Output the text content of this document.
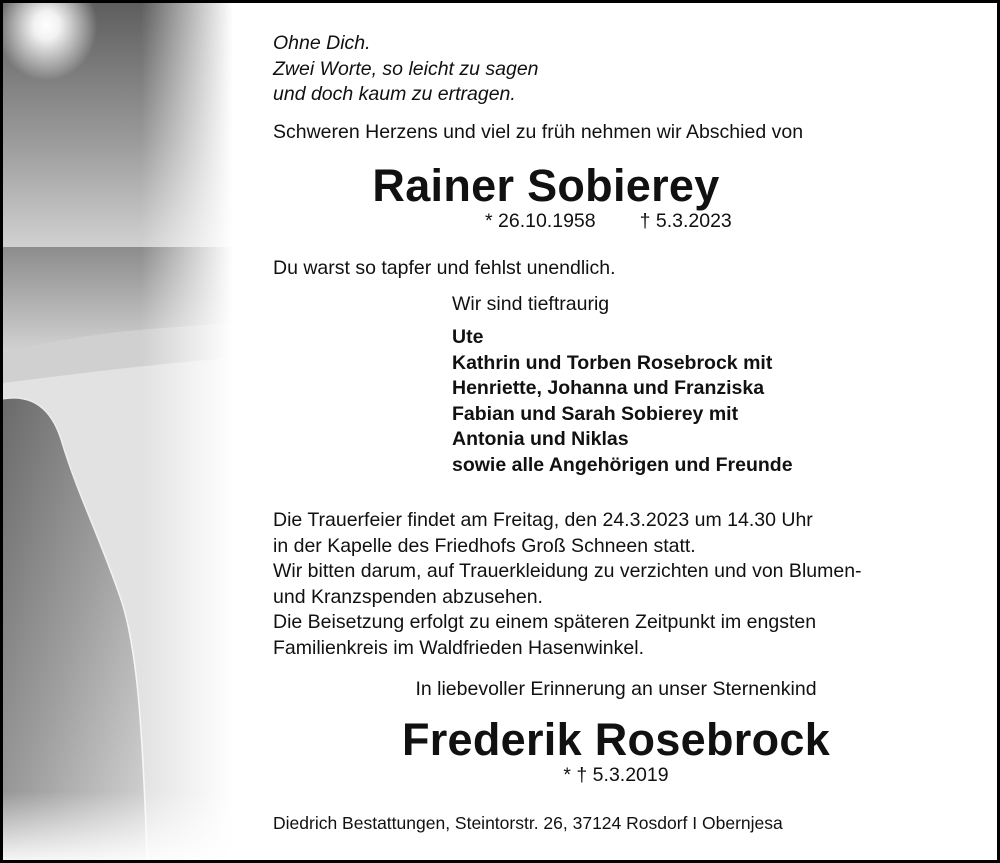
Ohne Dich.
Zwei Worte, so leicht zu sagen
und doch kaum zu ertragen.
Schweren Herzens und viel zu früh nehmen wir Abschied von
Rainer Sobierey
* 26.10.1958 † 5.3.2023
Du warst so tapfer und fehlst unendlich.
Wir sind tieftraurig
Ute
Kathrin und Torben Rosebrock mit
Henriette, Johanna und Franziska
Fabian und Sarah Sobierey mit
Antonia und Niklas
sowie alle Angehörigen und Freunde
Die Trauerfeier findet am Freitag, den 24.3.2023 um 14.30 Uhr
in der Kapelle des Friedhofs Groß Schneen statt.
Wir bitten darum, auf Trauerkleidung zu verzichten und von Blumen-
und Kranzspenden abzusehen.
Die Beisetzung erfolgt zu einem späteren Zeitpunkt im engsten
Familienkreis im Waldfrieden Hasenwinkel.
In liebevoller Erinnerung an unser Sternenkind
Frederik Rosebrock
* † 5.3.2019
Diedrich Bestattungen, Steintorstr. 26, 37124 Rosdorf I Obernjesa
